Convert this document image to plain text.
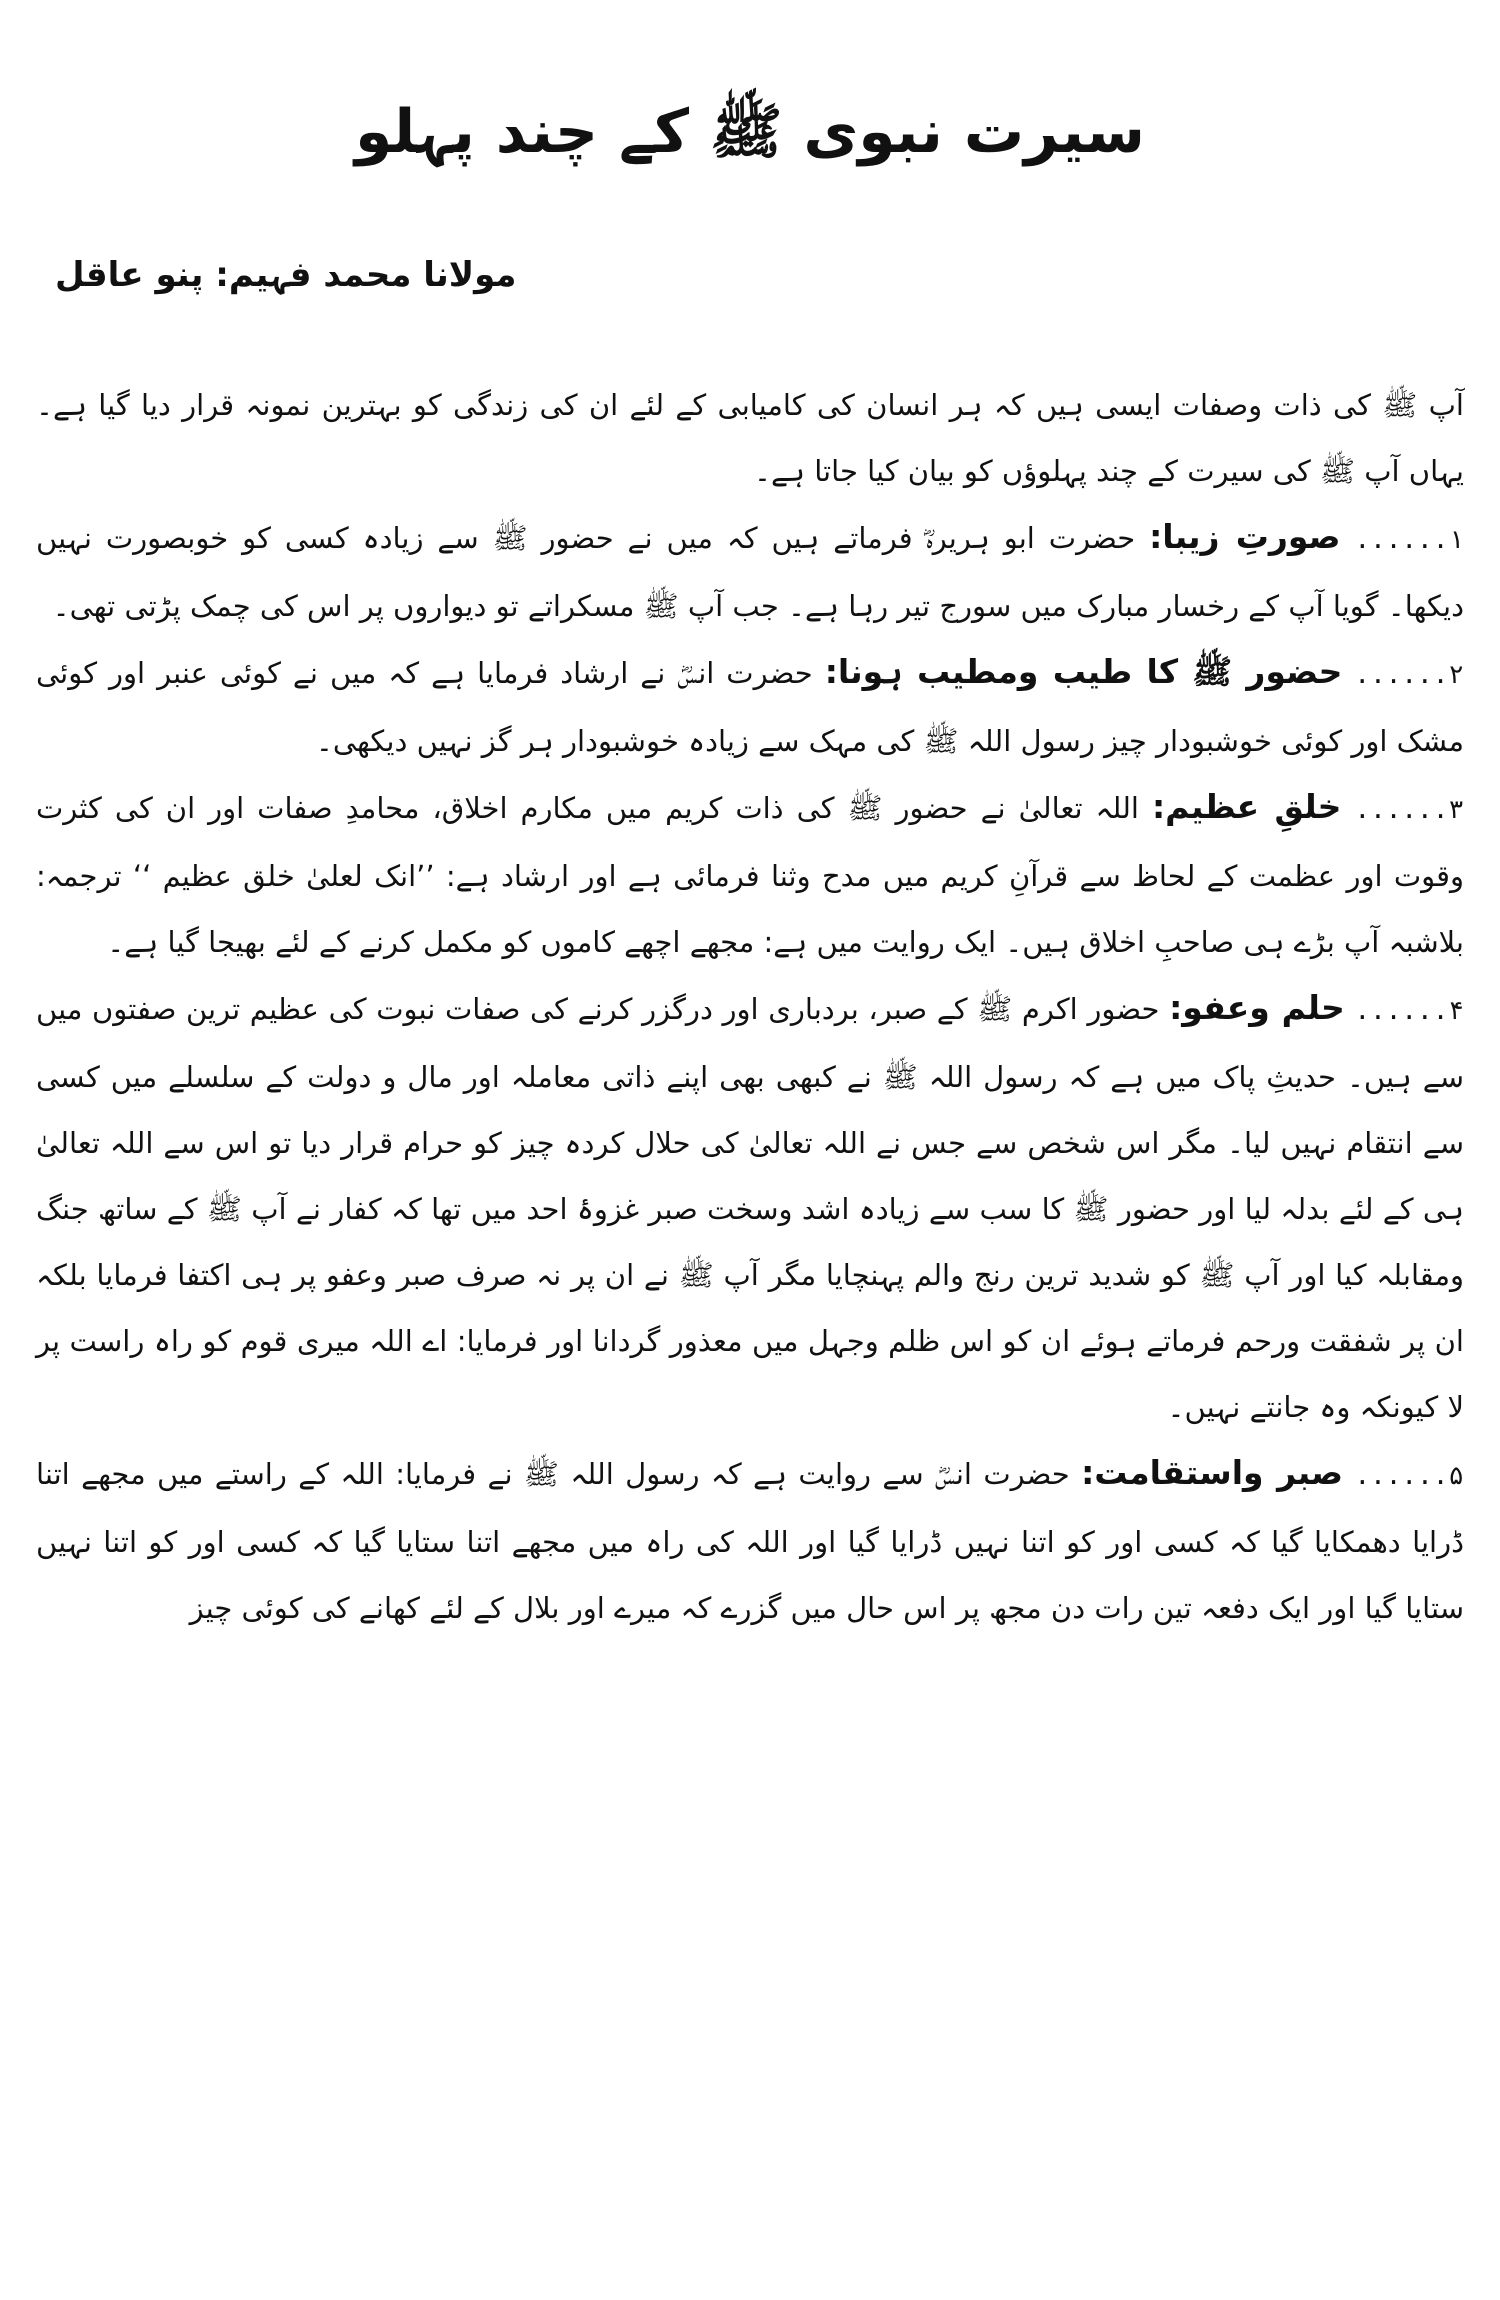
سیرت نبوی ﷺ کے چند پہلو
مولانا محمد فہیم: پنو عاقل

آپ ﷺ کی ذات وصفات ایسی ہیں کہ ہر انسان کی کامیابی کے لئے ان کی زندگی کو بہترین نمونہ قرار دیا گیا ہے۔ یہاں آپ ﷺ کی سیرت کے چند پہلوؤں کو بیان کیا جاتا ہے۔

۱...... صورتِ زیبا: حضرت ابو ہریرہؓ فرماتے ہیں کہ میں نے حضور ﷺ سے زیادہ کسی کو خوبصورت نہیں دیکھا۔ گویا آپ کے رخسار مبارک میں سورج تیر رہا ہے۔ جب آپ ﷺ مسکراتے تو دیواروں پر اس کی چمک پڑتی تھی۔

۲...... حضور ﷺ کا طیب ومطیب ہونا: حضرت انسؓ نے ارشاد فرمایا ہے کہ میں نے کوئی عنبر اور کوئی مشک اور کوئی خوشبودار چیز رسول اللہ ﷺ کی مہک سے زیادہ خوشبودار ہر گز نہیں دیکھی۔

۳...... خلقِ عظیم: اللہ تعالیٰ نے حضور ﷺ کی ذات کریم میں مکارم اخلاق، محامدِ صفات اور ان کی کثرت وقوت اور عظمت کے لحاظ سے قرآنِ کریم میں مدح وثنا فرمائی ہے اور ارشاد ہے: ’’انک لعلیٰ خلق عظیم ‘‘ ترجمہ: بلاشبہ آپ بڑے ہی صاحبِ اخلاق ہیں۔ ایک روایت میں ہے: مجھے اچھے کاموں کو مکمل کرنے کے لئے بھیجا گیا ہے۔

۴...... حلم وعفو: حضور اکرم ﷺ کے صبر، بردباری اور درگزر کرنے کی صفات نبوت کی عظیم ترین صفتوں میں سے ہیں۔ حدیثِ پاک میں ہے کہ رسول اللہ ﷺ نے کبھی بھی اپنے ذاتی معاملہ اور مال و دولت کے سلسلے میں کسی سے انتقام نہیں لیا۔ مگر اس شخص سے جس نے اللہ تعالیٰ کی حلال کردہ چیز کو حرام قرار دیا تو اس سے اللہ تعالیٰ ہی کے لئے بدلہ لیا اور حضور ﷺ کا سب سے زیادہ اشد وسخت صبر غزوۂ احد میں تھا کہ کفار نے آپ ﷺ کے ساتھ جنگ ومقابلہ کیا اور آپ ﷺ کو شدید ترین رنج والم پہنچایا مگر آپ ﷺ نے ان پر نہ صرف صبر وعفو پر ہی اکتفا فرمایا بلکہ ان پر شفقت ورحم فرماتے ہوئے ان کو اس ظلم وجہل میں معذور گردانا اور فرمایا: اے اللہ میری قوم کو راہ راست پر لا کیونکہ وہ جانتے نہیں۔

۵...... صبر واستقامت: حضرت انسؓ سے روایت ہے کہ رسول اللہ ﷺ نے فرمایا: اللہ کے راستے میں مجھے اتنا ڈرایا دھمکایا گیا کہ کسی اور کو اتنا نہیں ڈرایا گیا اور اللہ کی راہ میں مجھے اتنا ستایا گیا کہ کسی اور کو اتنا نہیں ستایا گیا اور ایک دفعہ تین رات دن مجھ پر اس حال میں گزرے کہ میرے اور بلال کے لئے کھانے کی کوئی چیز
